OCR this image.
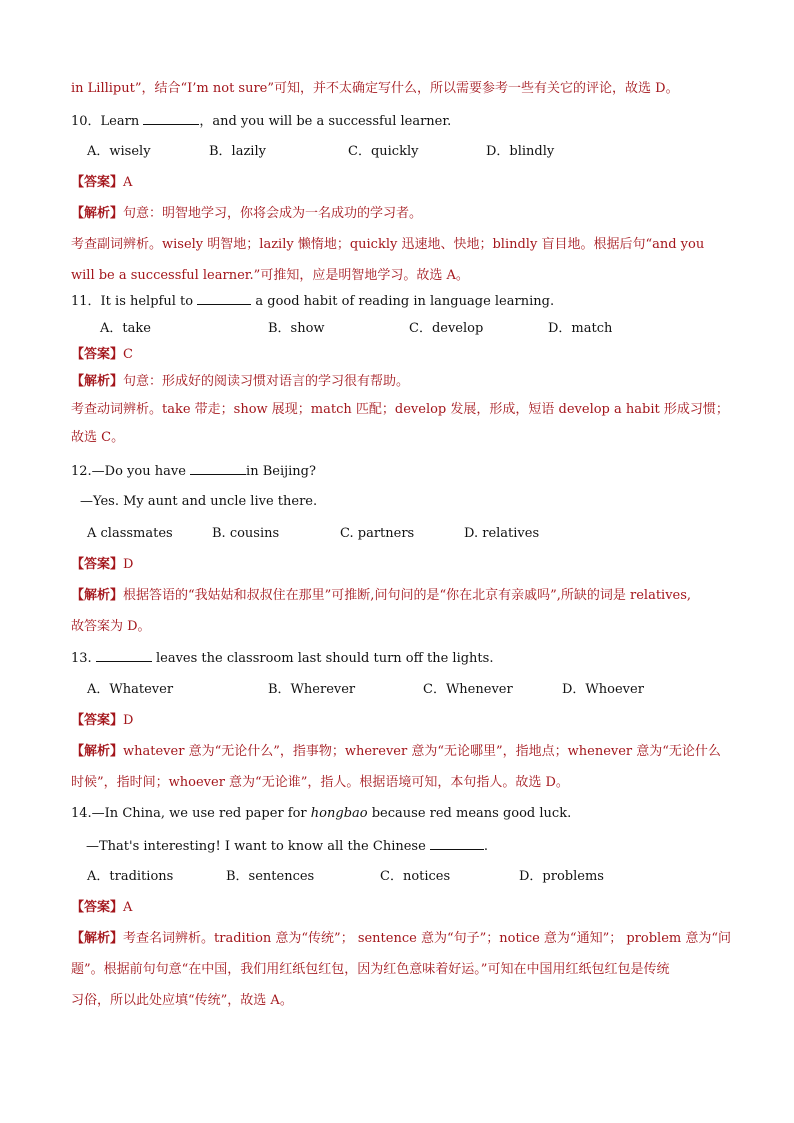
in Lilliput”，结合“I’m not sure”可知，并不太确定写什么，所以需要参考一些有关它的评论，故选 D。
10．Learn	，and you will be a successful learner.
A．wisely	B．lazily	C．quickly	D．blindly
【答案】A
【解析】句意：明智地学习，你将会成为一名成功的学习者。
考查副词辨析。wisely 明智地；lazily 懒惰地；quickly 迅速地、快地；blindly 盲目地。根据后句“and you
will be a successful learner.”可推知，应是明智地学习。故选 A。
11．It is helpful to	a good habit of reading in language learning.
A．take	B．show	C．develop	D．match
【答案】C
【解析】句意：形成好的阅读习惯对语言的学习很有帮助。
考查动词辨析。take 带走；show 展现；match 匹配；develop 发展，形成，短语 develop a habit 形成习惯；
故选 C。
12.—Do you have	in Beijing?
—Yes. My aunt and uncle live there.
A classmates	B. cousins	C. partners	D. relatives
【答案】D
【解析】根据答语的“我姑姑和叔叔住在那里”可推断,问句问的是“你在北京有亲戚吗”,所缺的词是 relatives,
故答案为 D。
13.	leaves the classroom last should turn off the lights.
A．Whatever	B．Wherever	C．Whenever	D．Whoever
【答案】D
【解析】whatever 意为“无论什么”，指事物；wherever 意为“无论哪里”，指地点；whenever 意为“无论什么
时候”，指时间；whoever 意为“无论谁”，指人。根据语境可知，本句指人。故选 D。
14.—In China, we use red paper for hongbao because red means good luck.
—That's interesting! I want to know all the Chinese	.
A．traditions	B．sentences	C．notices	D．problems
【答案】A
【解析】考查名词辨析。tradition 意为“传统”； sentence 意为“句子”；notice 意为“通知”； problem 意为“问
题”。根据前句句意“在中国，我们用红纸包红包，因为红色意味着好运。”可知在中国用红纸包红包是传统
习俗，所以此处应填“传统”，故选 A。
